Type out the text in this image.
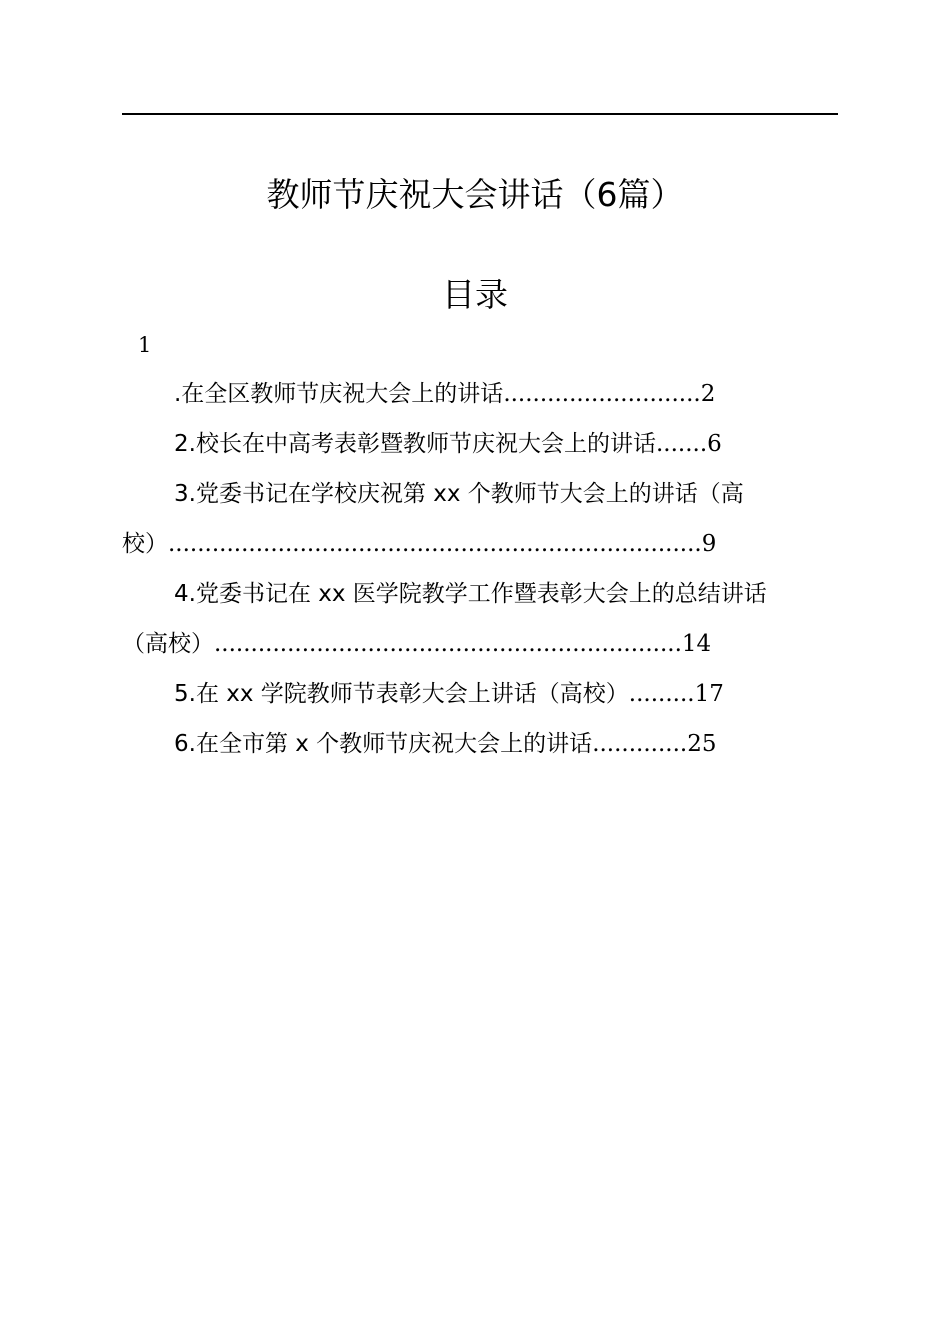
教师节庆祝大会讲话（6篇）
目录
1
.在全区教师节庆祝大会上的讲话...........................2
2.校长在中高考表彰暨教师节庆祝大会上的讲话.......6
3.党委书记在学校庆祝第 xx 个教师节大会上的讲话（高
校）.........................................................................9
4.党委书记在 xx 医学院教学工作暨表彰大会上的总结讲话
（高校）................................................................14
5.在 xx 学院教师节表彰大会上讲话（高校）.........17
6.在全市第 x 个教师节庆祝大会上的讲话.............25
